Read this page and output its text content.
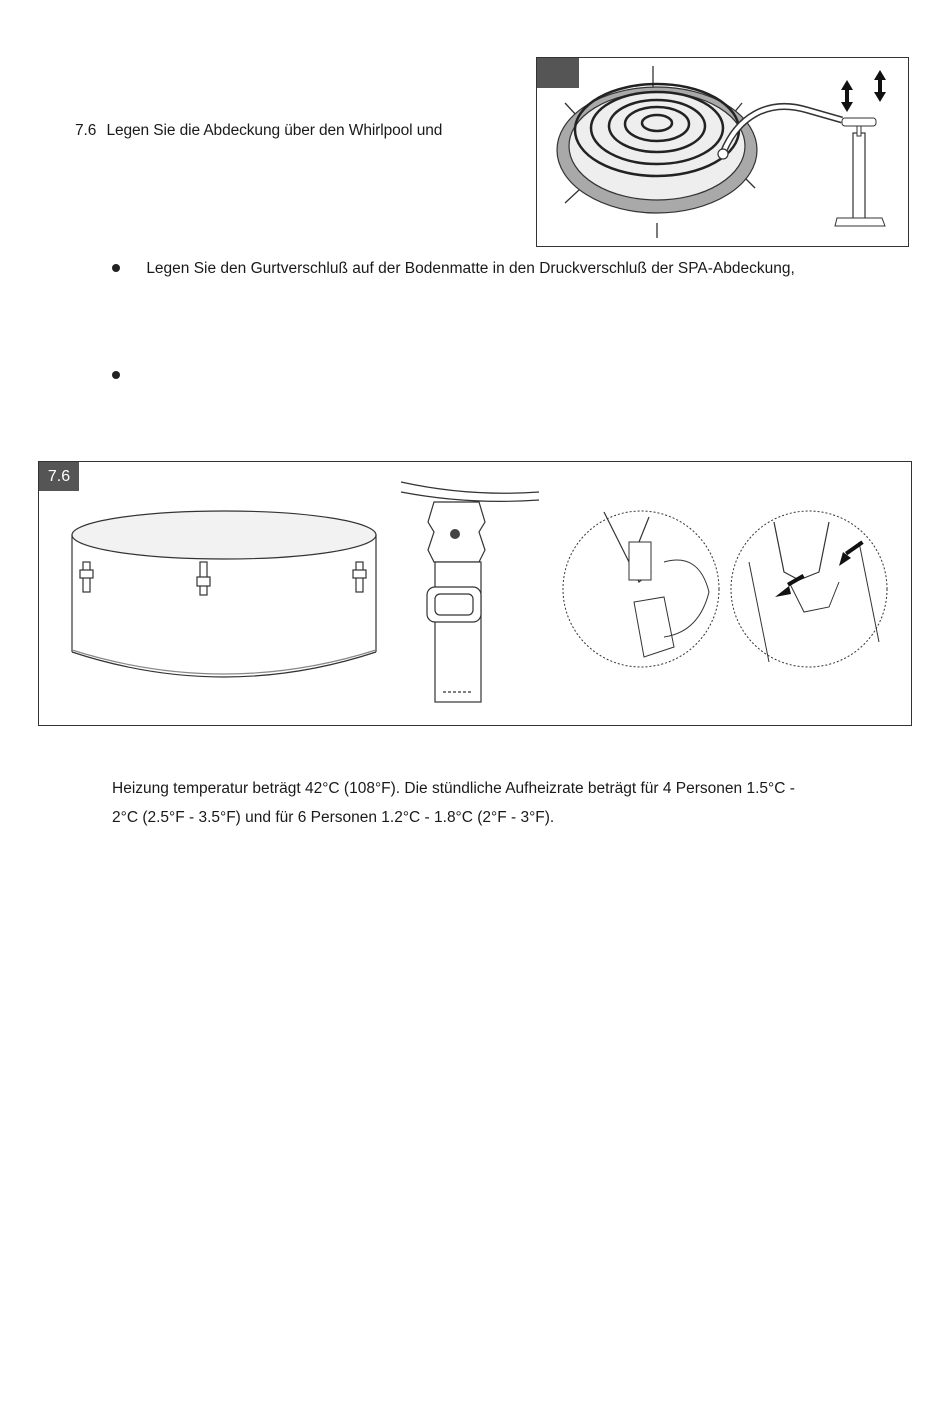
7.6 Legen Sie die Abdeckung über den Whirlpool und
Legen Sie den Gurtverschluß auf der Bodenmatte in den Druckverschluß der SPA-Abdeckung,
7.6
Heizung temperatur beträgt 42°C (108°F). Die stündliche Aufheizrate beträgt für 4 Personen 1.5°C -
2°C (2.5°F - 3.5°F) und für 6 Personen 1.2°C - 1.8°C (2°F - 3°F).
